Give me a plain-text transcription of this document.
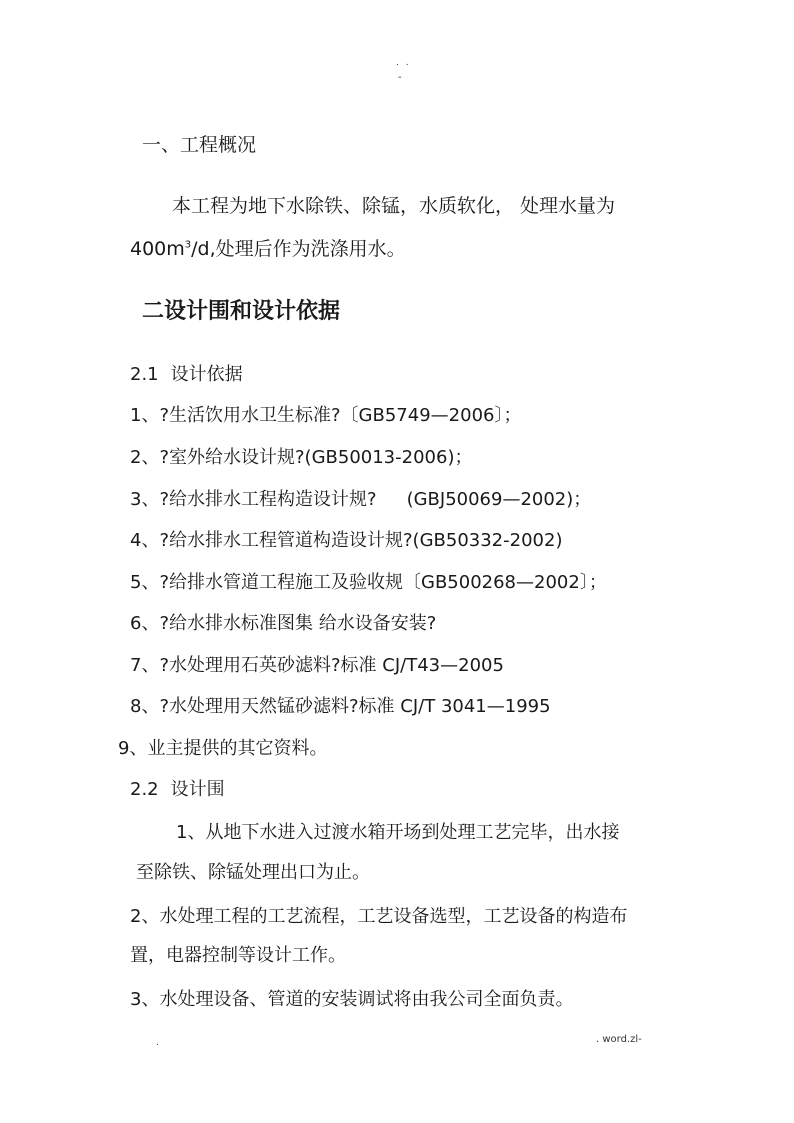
. .
-
一、工程概况
本工程为地下水除铁、除锰，水质软化， 处理水量为
$400m^3/d$,处理后作为洗涤用水。
二设计围和设计依据
2.1 设计依据
1、?生活饮用水卫生标准?〔GB5749—2006〕；
2、?室外给水设计规?(GB50013-2006)；
3、?给水排水工程构造设计规? (GBJ50069—2002)；
4、?给水排水工程管道构造设计规?(GB50332-2002)
5、?给排水管道工程施工及验收规〔GB500268—2002〕；
6、?给水排水标准图集 给水设备安装?
7、?水处理用石英砂滤料?标准 CJ/T43—2005
8、?水处理用天然锰砂滤料?标准 CJ/T 3041—1995
9、业主提供的其它资料。
2.2 设计围
1、从地下水进入过渡水箱开场到处理工艺完毕，出水接
至除铁、除锰处理出口为止。
2、水处理工程的工艺流程，工艺设备选型，工艺设备的构造布
置，电器控制等设计工作。
3、水处理设备、管道的安装调试将由我公司全面负责。
.	. word.zl-
